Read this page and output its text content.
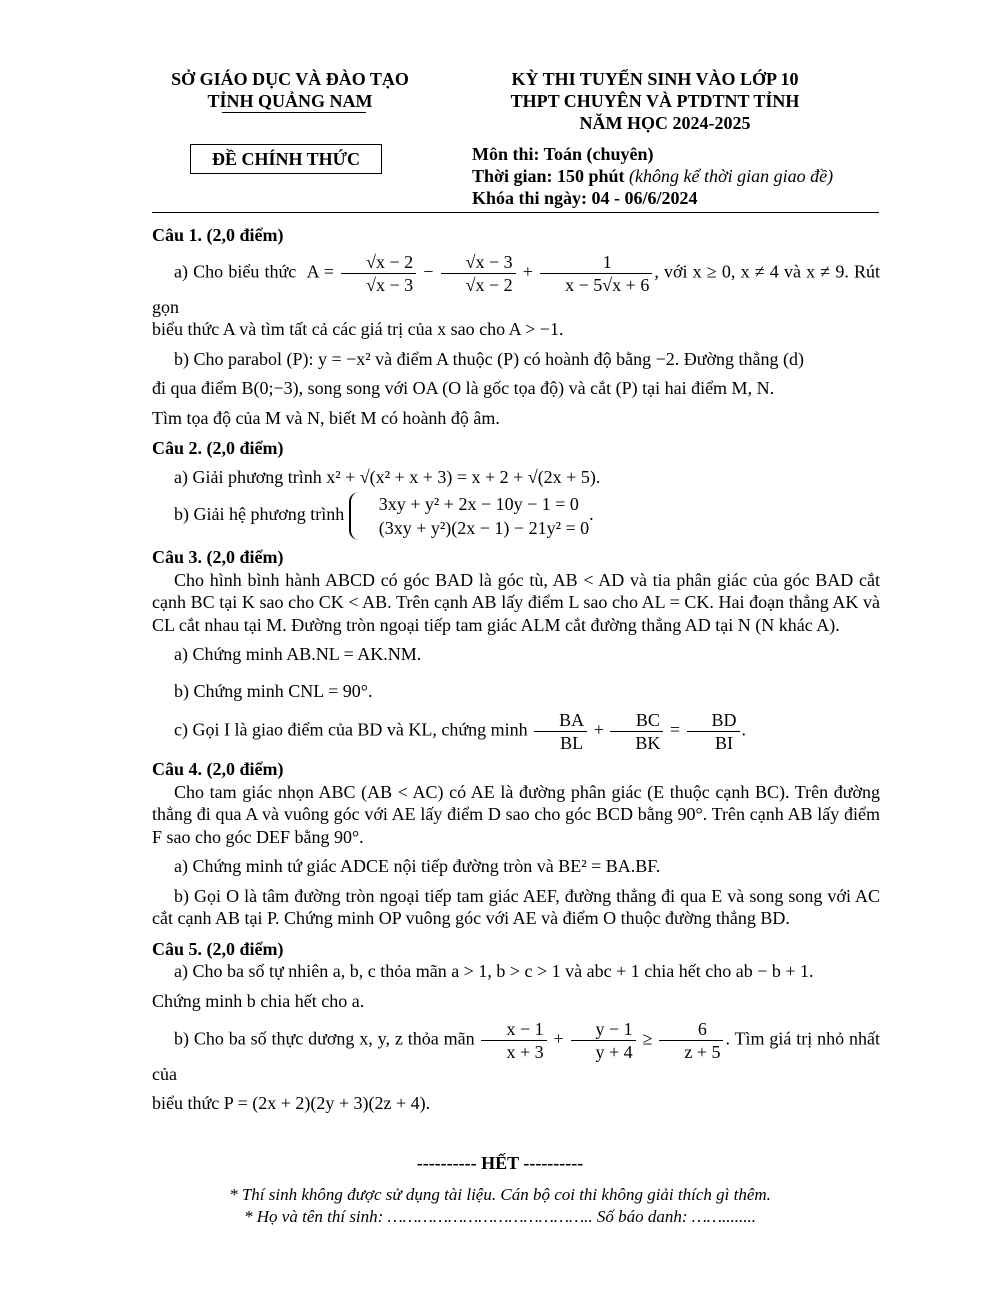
SỞ GIÁO DỤC VÀ ĐÀO TẠO
TỈNH QUẢNG NAM
KỲ THI TUYỂN SINH VÀO LỚP 10
THPT CHUYÊN VÀ PTDTNT TỈNH
NĂM HỌC 2024-2025
ĐỀ CHÍNH THỨC	Môn thi: Toán (chuyên)
Thời gian: 150 phút (không kể thời gian giao đề)
Khóa thi ngày: 04 - 06/6/2024

Câu 1. (2,0 điểm)

a) Cho biểu thức  $A = \frac{√x - 2}{√x - 3} - \frac{√x - 3}{√x - 2} + \frac{1}{x - 5√x + 6}$ , với x ≥ 0, x ≠ 4 và x ≠ 9. Rút gọn

biểu thức A và tìm tất cả các giá trị của x sao cho A > −1.

b) Cho parabol (P): y = −x² và điểm A thuộc (P) có hoành độ bằng −2. Đường thẳng (d)

đi qua điểm B(0;−3), song song với OA (O là gốc tọa độ) và cắt (P) tại hai điểm M, N.

Tìm tọa độ của M và N, biết M có hoành độ âm.

Câu 2. (2,0 điểm)

a) Giải phương trình x² + √(x² + x + 3) = x + 2 + √(2x + 5).

b) Giải hệ phương trình
3xy + y² + 2x − 10y − 1 = 0
(3xy + y²)(2x − 1) − 21y² = 0
.

Câu 3. (2,0 điểm)

Cho hình bình hành ABCD có góc BAD là góc tù, AB < AD và tia phân giác của góc BAD cắt cạnh BC tại K sao cho CK < AB. Trên cạnh AB lấy điểm L sao cho AL = CK. Hai đoạn thẳng AK và CL cắt nhau tại M. Đường tròn ngoại tiếp tam giác ALM cắt đường thẳng AD tại N (N khác A).

a) Chứng minh AB.NL = AK.NM.

b) Chứng minh CNL = 90°.

c) Gọi I là giao điểm của BD và KL, chứng minh $\frac{BA}{BL} + \frac{BC}{BK} = \frac{BD}{BI}$ .

Câu 4. (2,0 điểm)

Cho tam giác nhọn ABC (AB < AC) có AE là đường phân giác (E thuộc cạnh BC). Trên đường thẳng đi qua A và vuông góc với AE lấy điểm D sao cho góc BCD bằng 90°. Trên cạnh AB lấy điểm F sao cho góc DEF bằng 90°.

a) Chứng minh tứ giác ADCE nội tiếp đường tròn và BE² = BA.BF.

b) Gọi O là tâm đường tròn ngoại tiếp tam giác AEF, đường thẳng đi qua E và song song với AC cắt cạnh AB tại P. Chứng minh OP vuông góc với AE và điểm O thuộc đường thẳng BD.

Câu 5. (2,0 điểm)

a) Cho ba số tự nhiên a, b, c thỏa mãn a > 1, b > c > 1 và abc + 1 chia hết cho ab − b + 1.

Chứng minh b chia hết cho a.

b) Cho ba số thực dương x, y, z thỏa mãn $\frac{x - 1}{x + 3} + \frac{y - 1}{y + 4} \ge \frac{6}{z + 5}$ . Tìm giá trị nhỏ nhất của

biểu thức P = (2x + 2)(2y + 3)(2z + 4).

---------- HẾT ----------
* Thí sinh không được sử dụng tài liệu. Cán bộ coi thi không giải thích gì thêm.
* Họ và tên thí sinh: ………………………………….. Số báo danh: ……........
